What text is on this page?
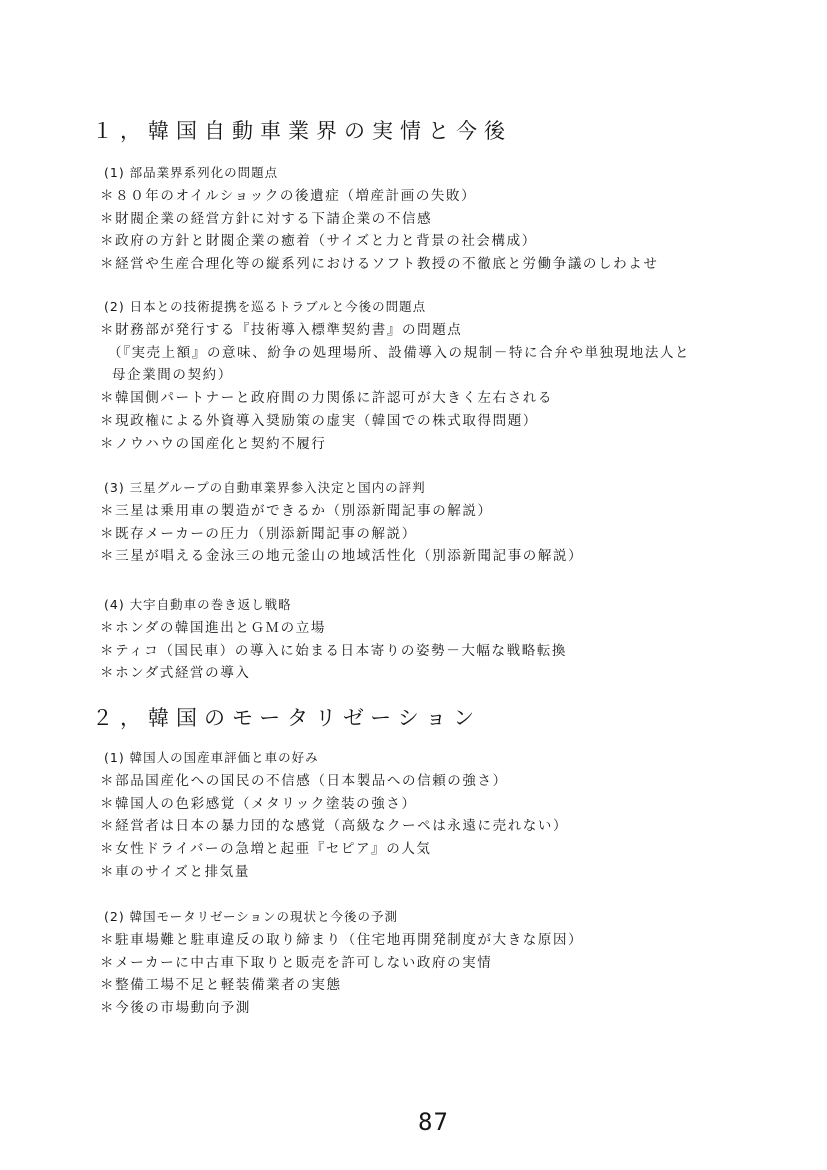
１，韓国自動車業界の実情と今後

(1) 部品業界系列化の問題点

＊８０年のオイルショックの後遺症（増産計画の失敗）

＊財閥企業の経営方針に対する下請企業の不信感

＊政府の方針と財閥企業の癒着（サイズと力と背景の社会構成）

＊経営や生産合理化等の縦系列におけるソフト教授の不徹底と労働争議のしわよせ

(2) 日本との技術提携を巡るトラブルと今後の問題点

＊財務部が発行する『技術導入標準契約書』の問題点

（『実売上額』の意味、紛争の処理場所、設備導入の規制－特に合弁や単独現地法人と

母企業間の契約）

＊韓国側パートナーと政府間の力関係に許認可が大きく左右される

＊現政権による外資導入奨励策の虚実（韓国での株式取得問題）

＊ノウハウの国産化と契約不履行

(3) 三星グループの自動車業界参入決定と国内の評判

＊三星は乗用車の製造ができるか（別添新聞記事の解説）

＊既存メーカーの圧力（別添新聞記事の解説）

＊三星が唱える金泳三の地元釜山の地域活性化（別添新聞記事の解説）

(4) 大宇自動車の巻き返し戦略

＊ホンダの韓国進出とＧＭの立場

＊ティコ（国民車）の導入に始まる日本寄りの姿勢－大幅な戦略転換

＊ホンダ式経営の導入

２，韓国のモータリゼーション

(1) 韓国人の国産車評価と車の好み

＊部品国産化への国民の不信感（日本製品への信頼の強さ）

＊韓国人の色彩感覚（メタリック塗装の強さ）

＊経営者は日本の暴力団的な感覚（高級なクーペは永遠に売れない）

＊女性ドライバーの急増と起亜『セピア』の人気

＊車のサイズと排気量

(2) 韓国モータリゼーションの現状と今後の予測

＊駐車場難と駐車違反の取り締まり（住宅地再開発制度が大きな原因）

＊メーカーに中古車下取りと販売を許可しない政府の実情

＊整備工場不足と軽装備業者の実態

＊今後の市場動向予測

87
